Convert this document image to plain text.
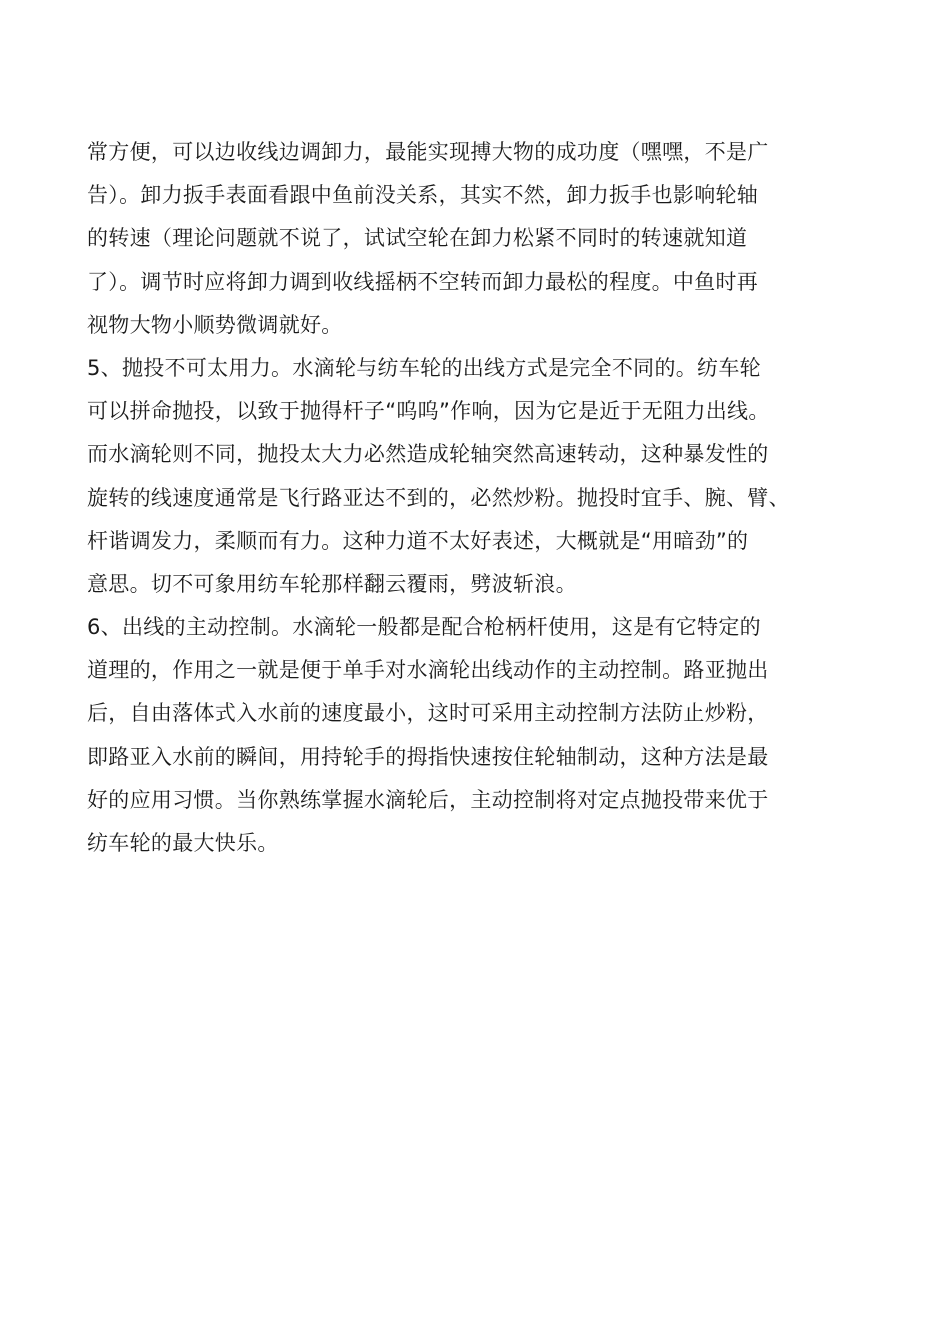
常方便，可以边收线边调卸力，最能实现搏大物的成功度（嘿嘿，不是广
告）。卸力扳手表面看跟中鱼前没关系，其实不然，卸力扳手也影响轮轴
的转速（理论问题就不说了，试试空轮在卸力松紧不同时的转速就知道
了）。调节时应将卸力调到收线摇柄不空转而卸力最松的程度。中鱼时再
视物大物小顺势微调就好。
5、抛投不可太用力。水滴轮与纺车轮的出线方式是完全不同的。纺车轮
可以拼命抛投，以致于抛得杆子“呜呜”作响，因为它是近于无阻力出线。
而水滴轮则不同，抛投太大力必然造成轮轴突然高速转动，这种暴发性的
旋转的线速度通常是飞行路亚达不到的，必然炒粉。抛投时宜手、腕、臂、
杆谐调发力，柔顺而有力。这种力道不太好表述，大概就是“用暗劲”的
意思。切不可象用纺车轮那样翻云覆雨，劈波斩浪。
6、出线的主动控制。水滴轮一般都是配合枪柄杆使用，这是有它特定的
道理的，作用之一就是便于单手对水滴轮出线动作的主动控制。路亚抛出
后，自由落体式入水前的速度最小，这时可采用主动控制方法防止炒粉，
即路亚入水前的瞬间，用持轮手的拇指快速按住轮轴制动，这种方法是最
好的应用习惯。当你熟练掌握水滴轮后，主动控制将对定点抛投带来优于
纺车轮的最大快乐。
